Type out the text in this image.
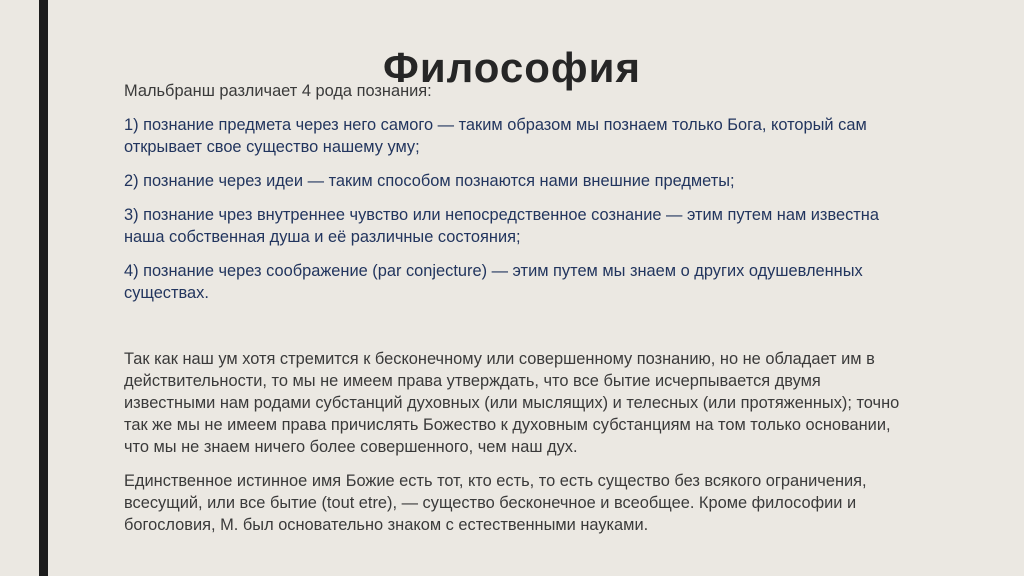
Философия

Мальбранш различает 4 рода познания:

1) познание предмета через него самого — таким образом мы познаем только Бога, который сам открывает свое существо нашему уму;

2) познание через идеи — таким способом познаются нами внешние предметы;

3) познание чрез внутреннее чувство или непосредственное сознание — этим путем нам известна наша собственная душа и её различные состояния;

4) познание через соображение (par conjecture) — этим путем мы знаем о других одушевленных существах.

Так как наш ум хотя стремится к бесконечному или совершенному познанию, но не обладает им в действительности, то мы не имеем права утверждать, что все бытие исчерпывается двумя известными нам родами субстанций духовных (или мыслящих) и телесных (или протяженных); точно так же мы не имеем права причислять Божество к духовным субстанциям на том только основании, что мы не знаем ничего более совершенного, чем наш дух.

Единственное истинное имя Божие есть тот, кто есть, то есть существо без всякого ограничения, всесущий, или все бытие (tout etre), — существо бесконечное и всеобщее. Кроме философии и богословия, М. был основательно знаком с естественными науками.
